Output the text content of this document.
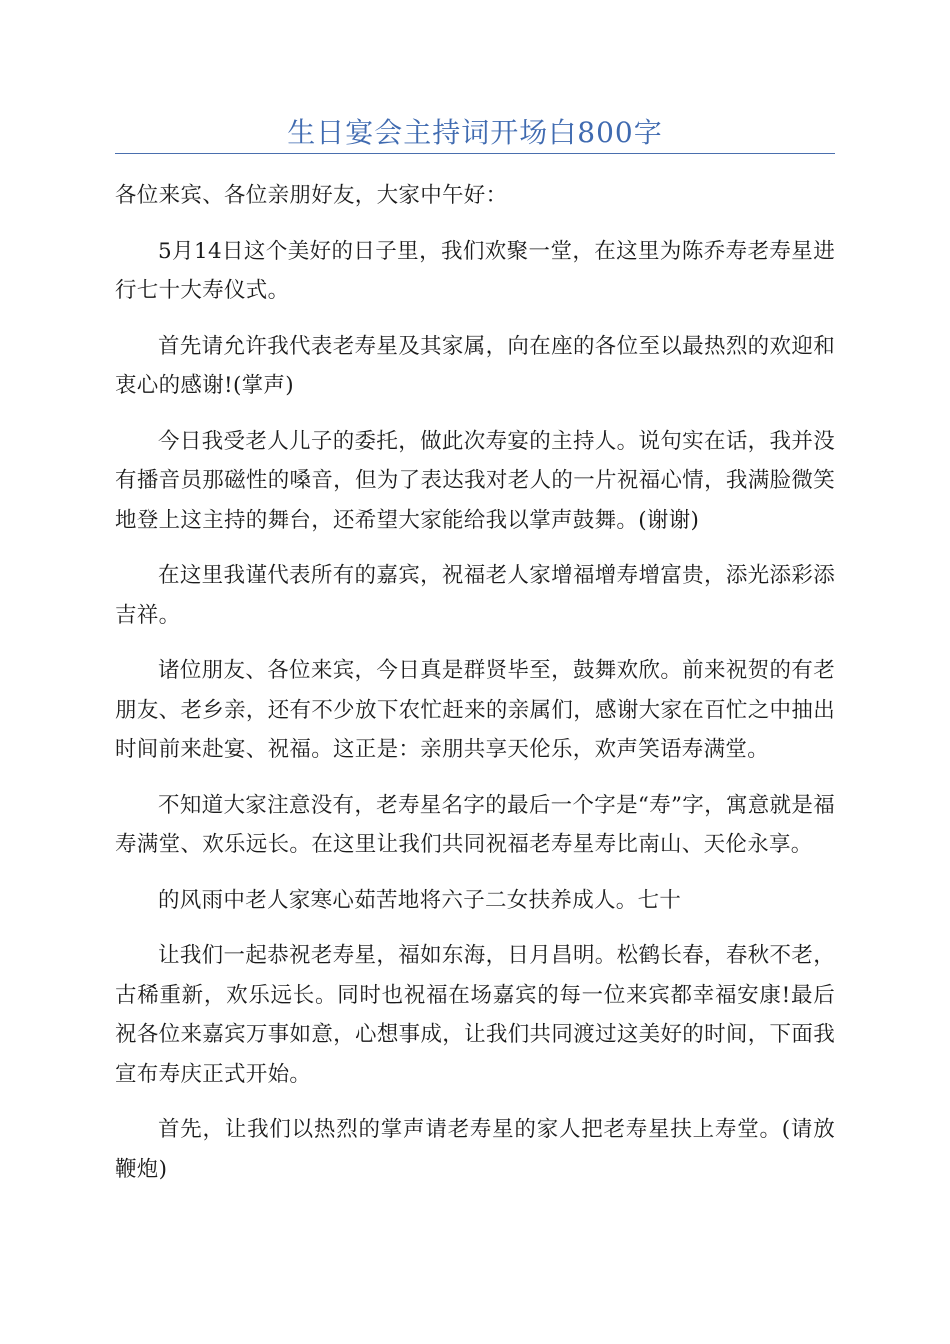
生日宴会主持词开场白800字

各位来宾、各位亲朋好友，大家中午好：

5月14日这个美好的日子里，我们欢聚一堂，在这里为陈乔寿老寿星进行七十大寿仪式。

首先请允许我代表老寿星及其家属，向在座的各位至以最热烈的欢迎和衷心的感谢!(掌声)

今日我受老人儿子的委托，做此次寿宴的主持人。说句实在话，我并没有播音员那磁性的嗓音，但为了表达我对老人的一片祝福心情，我满脸微笑地登上这主持的舞台，还希望大家能给我以掌声鼓舞。(谢谢)

在这里我谨代表所有的嘉宾，祝福老人家增福增寿增富贵，添光添彩添吉祥。

诸位朋友、各位来宾，今日真是群贤毕至，鼓舞欢欣。前来祝贺的有老朋友、老乡亲，还有不少放下农忙赶来的亲属们，感谢大家在百忙之中抽出时间前来赴宴、祝福。这正是：亲朋共享天伦乐，欢声笑语寿满堂。

不知道大家注意没有，老寿星名字的最后一个字是“寿”字，寓意就是福寿满堂、欢乐远长。在这里让我们共同祝福老寿星寿比南山、天伦永享。

的风雨中老人家寒心茹苦地将六子二女扶养成人。七十

让我们一起恭祝老寿星，福如东海，日月昌明。松鹤长春，春秋不老，古稀重新，欢乐远长。同时也祝福在场嘉宾的每一位来宾都幸福安康!最后祝各位来嘉宾万事如意，心想事成，让我们共同渡过这美好的时间，下面我宣布寿庆正式开始。

首先，让我们以热烈的掌声请老寿星的家人把老寿星扶上寿堂。(请放鞭炮)
